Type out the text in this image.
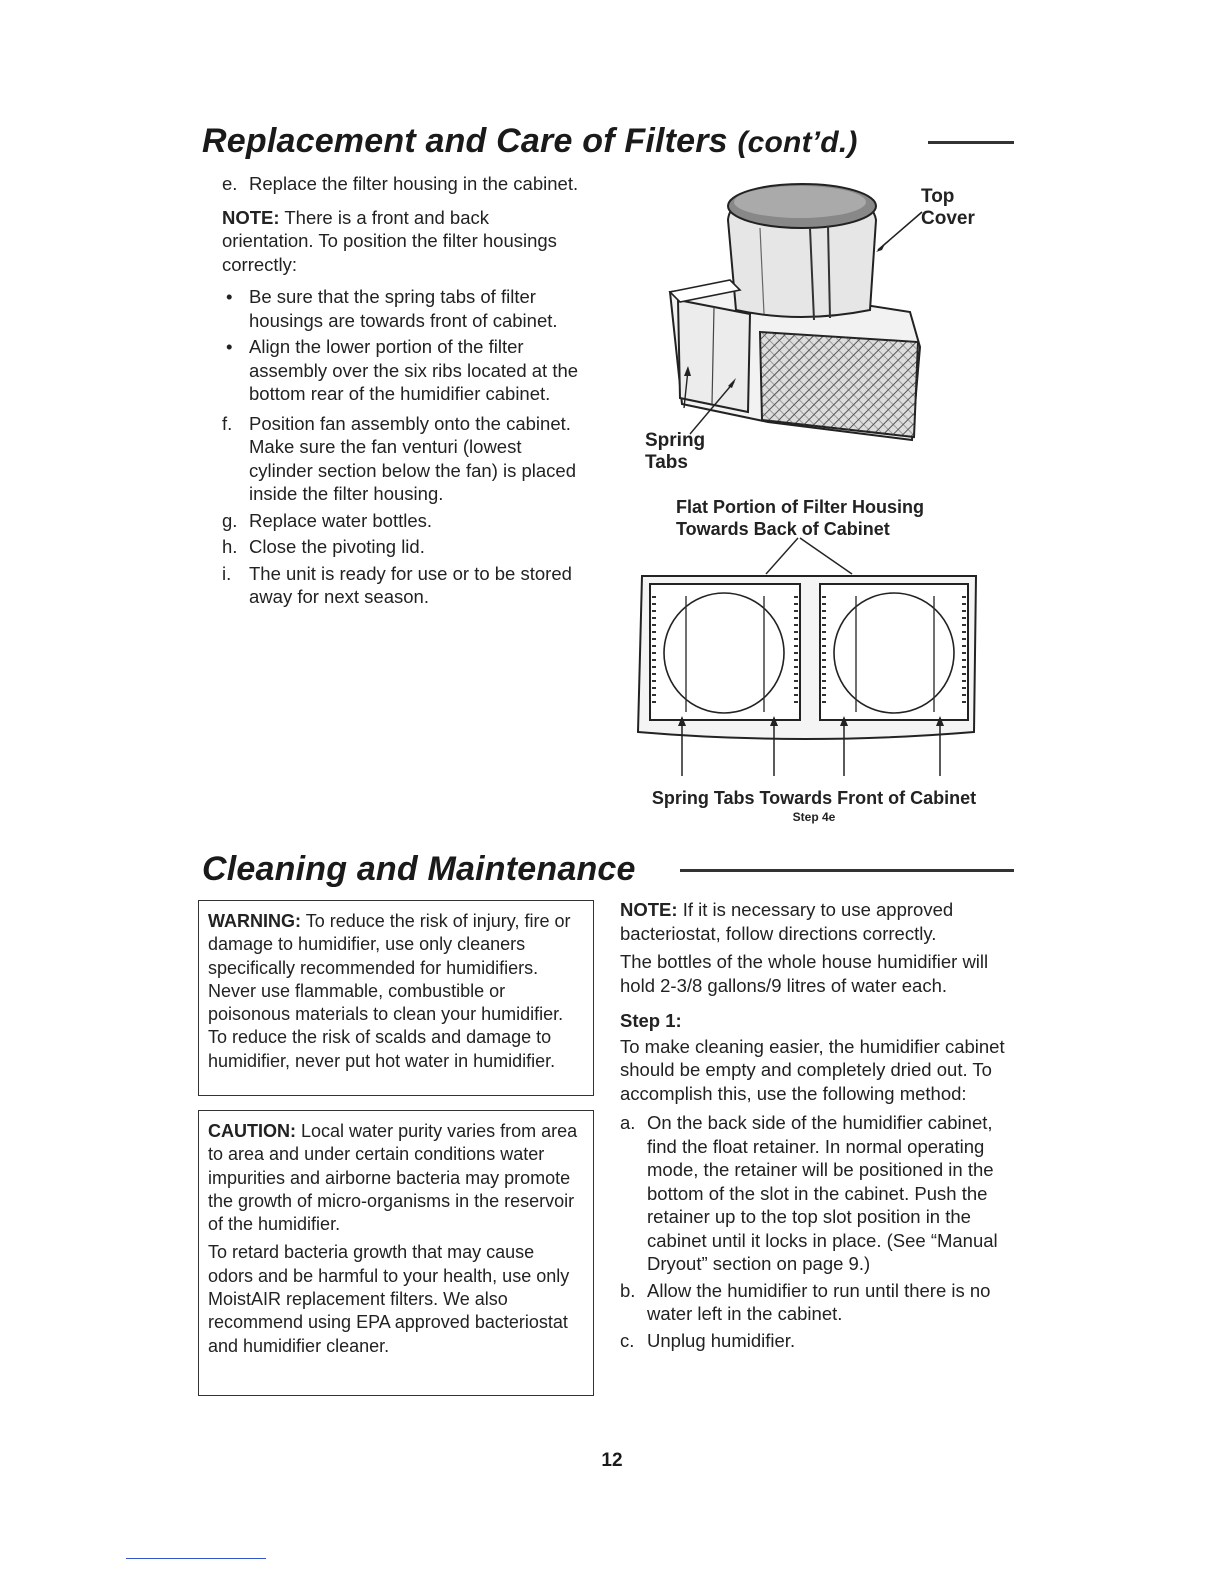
Replacement and Care of Filters (cont’d.)
e. Replace the filter housing in the cabinet.

NOTE: There is a front and back orientation. To position the filter housings correctly:

• Be sure that the spring tabs of filter housings are towards front of cabinet.
• Align the lower portion of the filter assembly over the six ribs located at the bottom rear of the humidifier cabinet.
f. Position fan assembly onto the cabinet. Make sure the fan venturi (lowest cylinder section below the fan) is placed inside the filter housing.
g. Replace water bottles.
h. Close the pivoting lid.
i. The unit is ready for use or to be stored away for next season.
Top
Cover
Spring
Tabs
Flat Portion of Filter Housing
Towards Back of Cabinet
Spring Tabs Towards Front of Cabinet
Step 4e
Cleaning and Maintenance

WARNING: To reduce the risk of injury, fire or damage to humidifier, use only cleaners specifically recommended for humidifiers. Never use flammable, combustible or poisonous materials to clean your humidifier. To reduce the risk of scalds and damage to humidifier, never put hot water in humidifier.

CAUTION: Local water purity varies from area to area and under certain conditions water impurities and airborne bacteria may promote the growth of micro-organisms in the reservoir of the humidifier.

To retard bacteria growth that may cause odors and be harmful to your health, use only MoistAIR replacement filters. We also recommend using EPA approved bacteriostat and humidifier cleaner.

NOTE: If it is necessary to use approved bacteriostat, follow directions correctly.

The bottles of the whole house humidifier will hold 2-3/8 gallons/9 litres of water each.

Step 1:

To make cleaning easier, the humidifier cabinet should be empty and completely dried out. To accomplish this, use the following method:

a. On the back side of the humidifier cabinet, find the float retainer. In normal operating mode, the retainer will be positioned in the bottom of the slot in the cabinet. Push the retainer up to the top slot position in the cabinet until it locks in place. (See “Manual Dryout” section on page 9.)
b. Allow the humidifier to run until there is no water left in the cabinet.
c. Unplug humidifier.
12
